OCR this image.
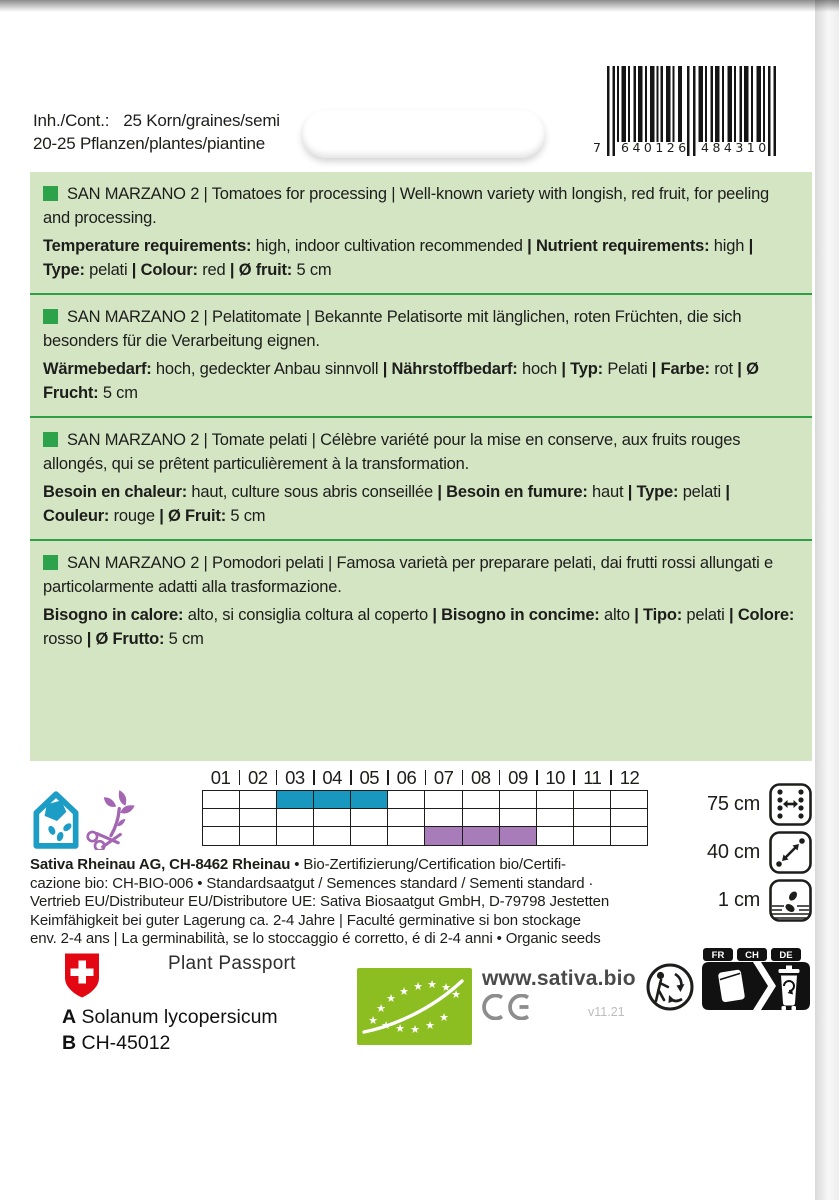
Inh./Cont.: 25 Korn/graines/semi
20-25 Pflanzen/plantes/piantine	7 640126 484310

SAN MARZANO 2 | Tomatoes for processing | Well-known variety with longish, red fruit, for peeling and processing.

Temperature requirements: high, indoor cultivation recommended | Nutrient requirements: high | Type: pelati | Colour: red | Ø fruit: 5 cm

SAN MARZANO 2 | Pelatitomate | Bekannte Pelatisorte mit länglichen, roten Früchten, die sich besonders für die Verarbeitung eignen.

Wärmebedarf: hoch, gedeckter Anbau sinnvoll | Nährstoffbedarf: hoch | Typ: Pelati | Farbe: rot | Ø Frucht: 5 cm

SAN MARZANO 2 | Tomate pelati | Célèbre variété pour la mise en conserve, aux fruits rouges allongés, qui se prêtent particulièrement à la transformation.

Besoin en chaleur: haut, culture sous abris conseillée | Besoin en fumure: haut | Type: pelati | Couleur: rouge | Ø Fruit: 5 cm

SAN MARZANO 2 | Pomodori pelati | Famosa varietà per preparare pelati, dai frutti rossi allungati e particolarmente adatti alla trasformazione.

Bisogno in calore: alto, si consiglia coltura al coperto | Bisogno in concime: alto | Tipo: pelati | Colore: rosso | Ø Frutto: 5 cm

01 02 03 04 05 06 07 08 09 10 11 12
75 cm
40 cm
1 cm
Sativa Rheinau AG, CH-8462 Rheinau • Bio-Zertifizierung/Certification bio/Certifi-
cazione bio: CH-BIO-006 • Standardsaatgut / Semences standard / Sementi standard ·
Vertrieb EU/Distributeur EU/Distributore UE: Sativa Biosaatgut GmbH, D-79798 Jestetten
Keimfähigkeit bei guter Lagerung ca. 2-4 Jahre | Faculté germinative si bon stockage
env. 2-4 ans | La germinabilità, se lo stoccaggio é corretto, é di 2-4 anni • Organic seeds
Plant Passport
A Solanum lycopersicum
B CH-45012
★
★
★
★ ★ ★ ★
★
★ ★ ★ ★
★
www.sativa.bio
v11.21
FR CH DE
